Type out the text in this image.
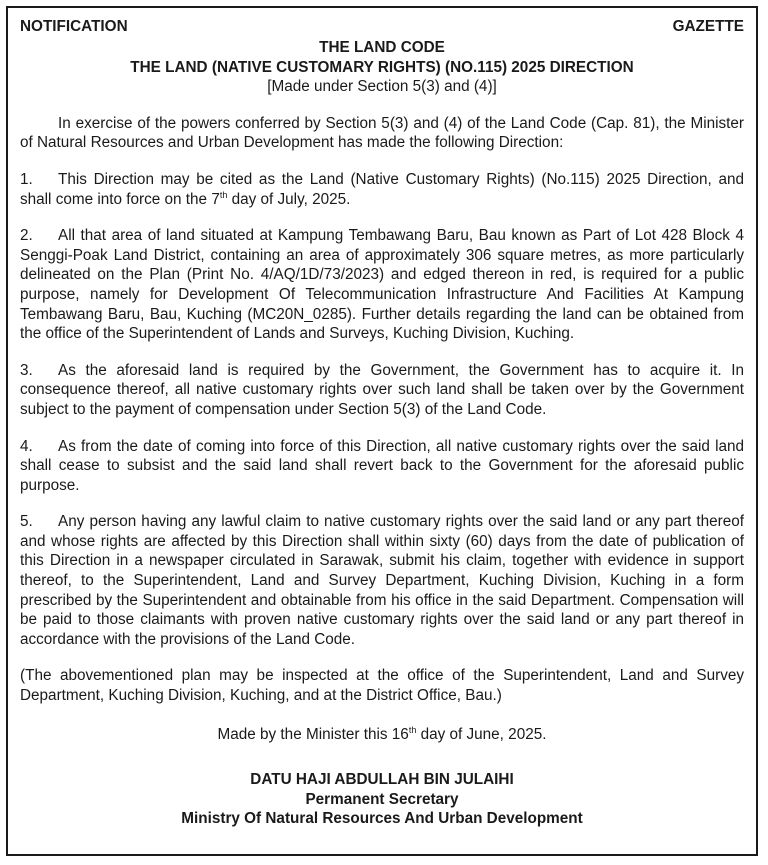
NOTIFICATION	GAZETTE
THE LAND CODE
THE LAND (NATIVE CUSTOMARY RIGHTS) (NO.115) 2025 DIRECTION
[Made under Section 5(3) and (4)]

In exercise of the powers conferred by Section 5(3) and (4) of the Land Code (Cap. 81), the Minister of Natural Resources and Urban Development has made the following Direction:

1. This Direction may be cited as the Land (Native Customary Rights) (No.115) 2025 Direction, and shall come into force on the 7th day of July, 2025.

2. All that area of land situated at Kampung Tembawang Baru, Bau known as Part of Lot 428 Block 4 Senggi-Poak Land District, containing an area of approximately 306 square metres, as more particularly delineated on the Plan (Print No. 4/AQ/1D/73/2023) and edged thereon in red, is required for a public purpose, namely for Development Of Telecommunication Infrastructure And Facilities At Kampung Tembawang Baru, Bau, Kuching (MC20N_0285). Further details regarding the land can be obtained from the office of the Superintendent of Lands and Surveys, Kuching Division, Kuching.

3. As the aforesaid land is required by the Government, the Government has to acquire it. In consequence thereof, all native customary rights over such land shall be taken over by the Government subject to the payment of compensation under Section 5(3) of the Land Code.

4. As from the date of coming into force of this Direction, all native customary rights over the said land shall cease to subsist and the said land shall revert back to the Government for the aforesaid public purpose.

5. Any person having any lawful claim to native customary rights over the said land or any part thereof and whose rights are affected by this Direction shall within sixty (60) days from the date of publication of this Direction in a newspaper circulated in Sarawak, submit his claim, together with evidence in support thereof, to the Superintendent, Land and Survey Department, Kuching Division, Kuching in a form prescribed by the Superintendent and obtainable from his office in the said Department. Compensation will be paid to those claimants with proven native customary rights over the said land or any part thereof in accordance with the provisions of the Land Code.

(The abovementioned plan may be inspected at the office of the Superintendent, Land and Survey Department, Kuching Division, Kuching, and at the District Office, Bau.)

Made by the Minister this 16th day of June, 2025.
DATU HAJI ABDULLAH BIN JULAIHI
Permanent Secretary
Ministry Of Natural Resources And Urban Development
